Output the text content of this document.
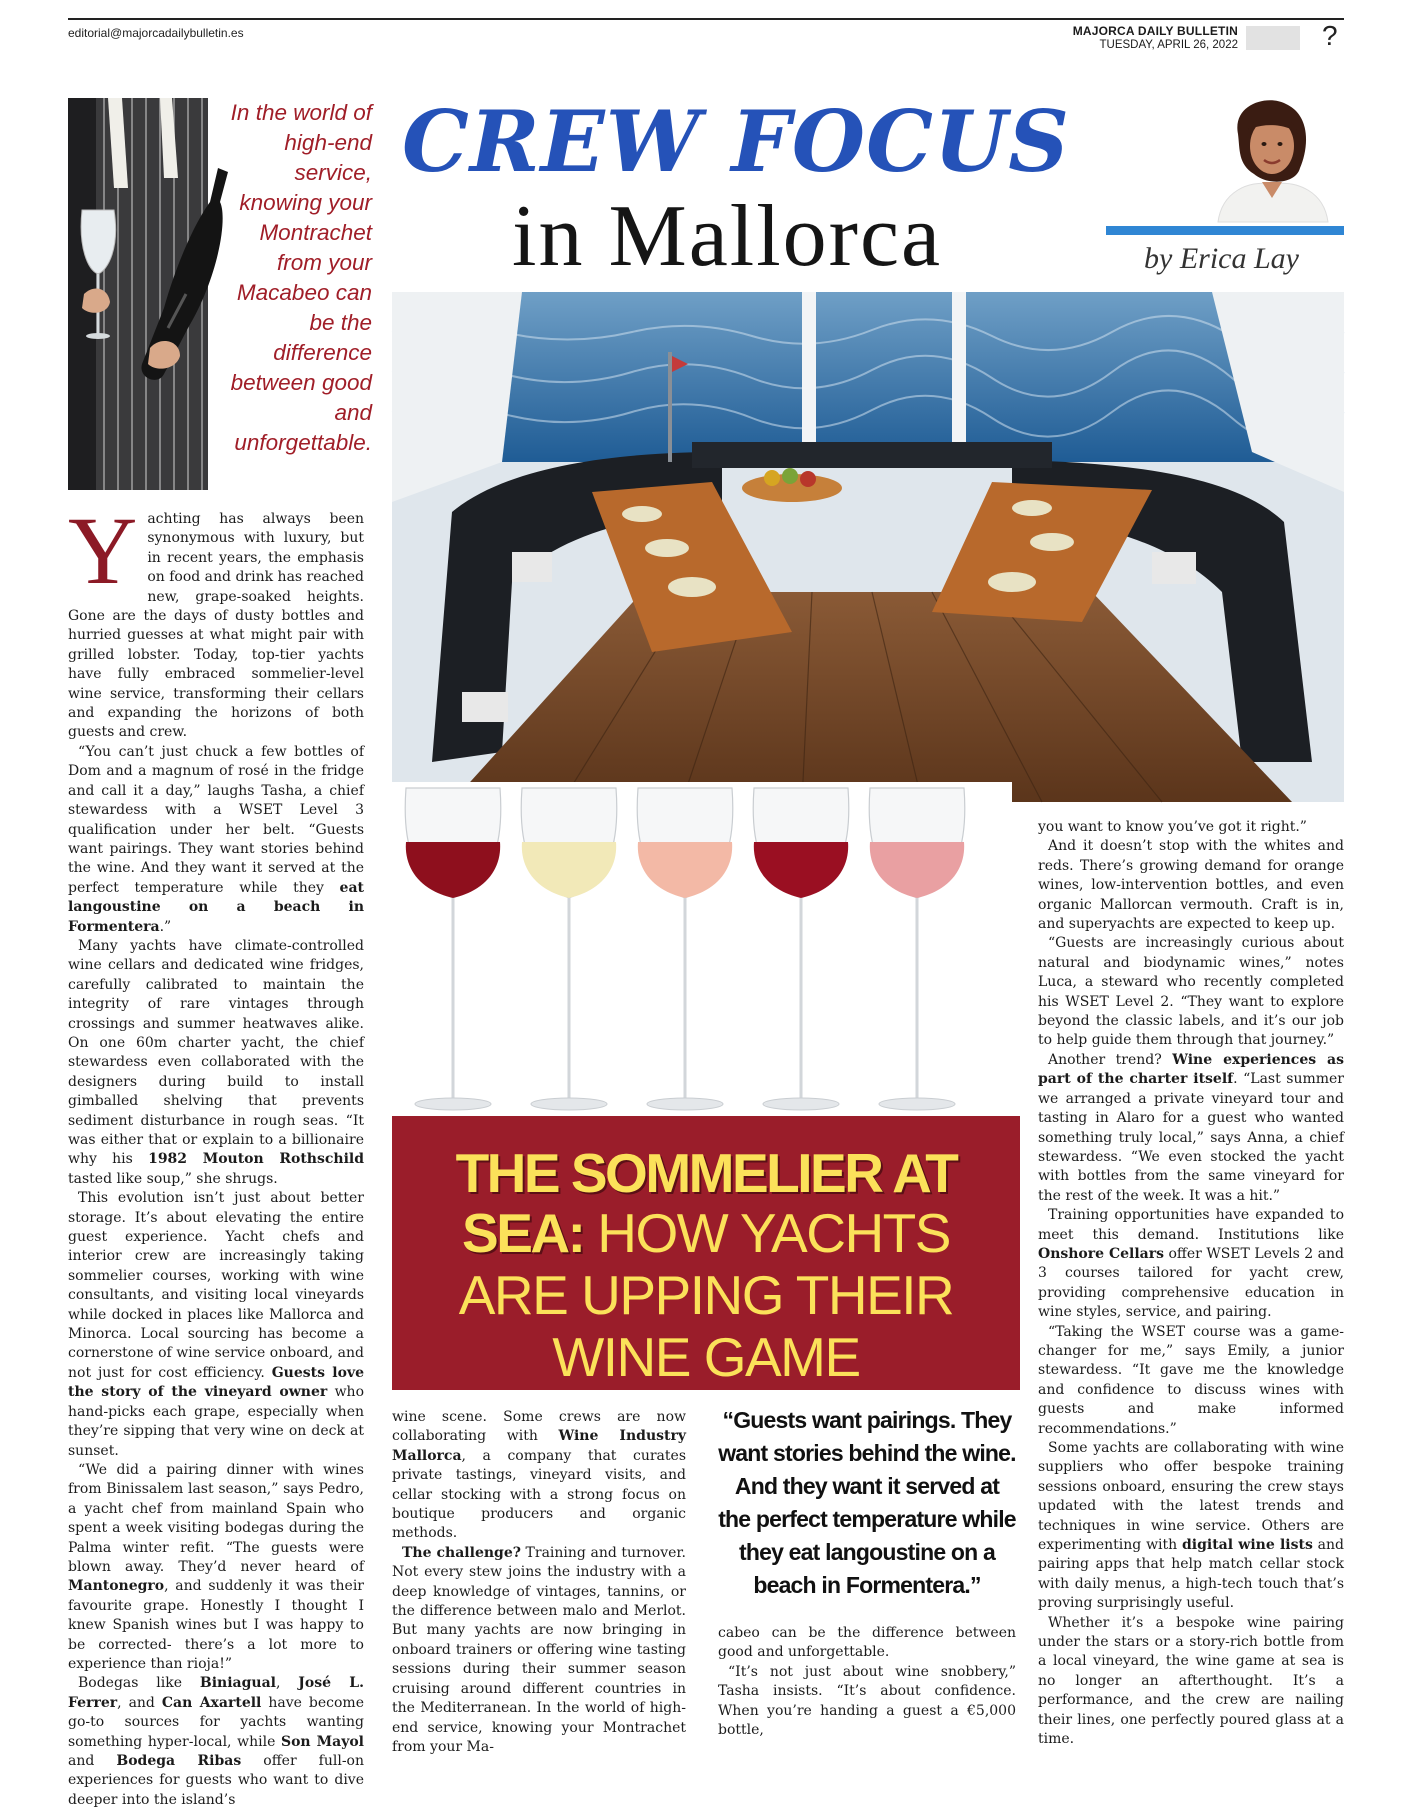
editorial@majorcadailybulletin.es	MAJORCA DAILY BULLETIN
TUESDAY, APRIL 26, 2022	?
CREW FOCUS
in Mallorca	by Erica Lay
In the world of high-end service, knowing your Montrachet from your Macabeo can be the difference between good and unforgettable.
THE SOMMELIER AT
SEA: HOW YACHTS
ARE UPPING THEIR
WINE GAME

Yachting has always been synonymous with luxury, but in recent years, the emphasis on food and drink has reached new, grape-soaked heights. Gone are the days of dusty bottles and hurried guesses at what might pair with grilled lobster. Today, top-tier yachts have fully embraced sommelier-level wine service, transforming their cellars and expanding the horizons of both guests and crew.

“You can’t just chuck a few bottles of Dom and a magnum of rosé in the fridge and call it a day,” laughs Tasha, a chief stewardess with a WSET Level 3 qualification under her belt. “Guests want pairings. They want stories behind the wine. And they want it served at the perfect temperature while they eat langoustine on a beach in Formentera.”

Many yachts have climate-controlled wine cellars and dedicated wine fridges, carefully calibrated to maintain the integrity of rare vintages through crossings and summer heatwaves alike. On one 60m charter yacht, the chief stewardess even collaborated with the designers during build to install gimballed shelving that prevents sediment disturbance in rough seas. “It was either that or explain to a billionaire why his 1982 Mouton Rothschild tasted like soup,” she shrugs.

This evolution isn’t just about better storage. It’s about elevating the entire guest experience. Yacht chefs and interior crew are increasingly taking sommelier courses, working with wine consultants, and visiting local vineyards while docked in places like Mallorca and Minorca. Local sourcing has become a cornerstone of wine service onboard, and not just for cost efficiency. Guests love the story of the vineyard owner who hand-picks each grape, especially when they’re sipping that very wine on deck at sunset.

“We did a pairing dinner with wines from Binissalem last season,” says Pedro, a yacht chef from mainland Spain who spent a week visiting bodegas during the Palma winter refit. “The guests were blown away. They’d never heard of Mantonegro, and suddenly it was their favourite grape. Honestly I thought I knew Spanish wines but I was happy to be corrected- there’s a lot more to experience than rioja!”

Bodegas like Biniagual, José L. Ferrer, and Can Axartell have become go-to sources for yachts wanting something hyper-local, while Son Mayol and Bodega Ribas offer full-on experiences for guests who want to dive deeper into the island’s

wine scene. Some crews are now collaborating with Wine Industry Mallorca, a company that curates private tastings, vineyard visits, and cellar stocking with a strong focus on boutique producers and organic methods.

The challenge? Training and turnover. Not every stew joins the industry with a deep knowledge of vintages, tannins, or the difference between malo and Merlot. But many yachts are now bringing in onboard trainers or offering wine tasting sessions during their summer season cruising around different countries in the Mediterranean. In the world of high-end service, knowing your Montrachet from your Ma-

“Guests want pairings. They want stories behind the wine. And they want it served at the perfect temperature while they eat langoustine on a beach in Formentera.”

cabeo can be the difference between good and unforgettable.

“It’s not just about wine snobbery,” Tasha insists. “It’s about confidence. When you’re handing a guest a €5,000 bottle,

you want to know you’ve got it right.”

And it doesn’t stop with the whites and reds. There’s growing demand for orange wines, low-intervention bottles, and even organic Mallorcan vermouth. Craft is in, and superyachts are expected to keep up.

“Guests are increasingly curious about natural and biodynamic wines,” notes Luca, a steward who recently completed his WSET Level 2. “They want to explore beyond the classic labels, and it’s our job to help guide them through that journey.”

Another trend? Wine experiences as part of the charter itself. “Last summer we arranged a private vineyard tour and tasting in Alaro for a guest who wanted something truly local,” says Anna, a chief stewardess. “We even stocked the yacht with bottles from the same vineyard for the rest of the week. It was a hit.”

Training opportunities have expanded to meet this demand. Institutions like Onshore Cellars offer WSET Levels 2 and 3 courses tailored for yacht crew, providing comprehensive education in wine styles, service, and pairing.

“Taking the WSET course was a game-changer for me,” says Emily, a junior stewardess. “It gave me the knowledge and confidence to discuss wines with guests and make informed recommendations.”

Some yachts are collaborating with wine suppliers who offer bespoke training sessions onboard, ensuring the crew stays updated with the latest trends and techniques in wine service. Others are experimenting with digital wine lists and pairing apps that help match cellar stock with daily menus, a high-tech touch that’s proving surprisingly useful.

Whether it’s a bespoke wine pairing under the stars or a story-rich bottle from a local vineyard, the wine game at sea is no longer an afterthought. It’s a performance, and the crew are nailing their lines, one perfectly poured glass at a time.
